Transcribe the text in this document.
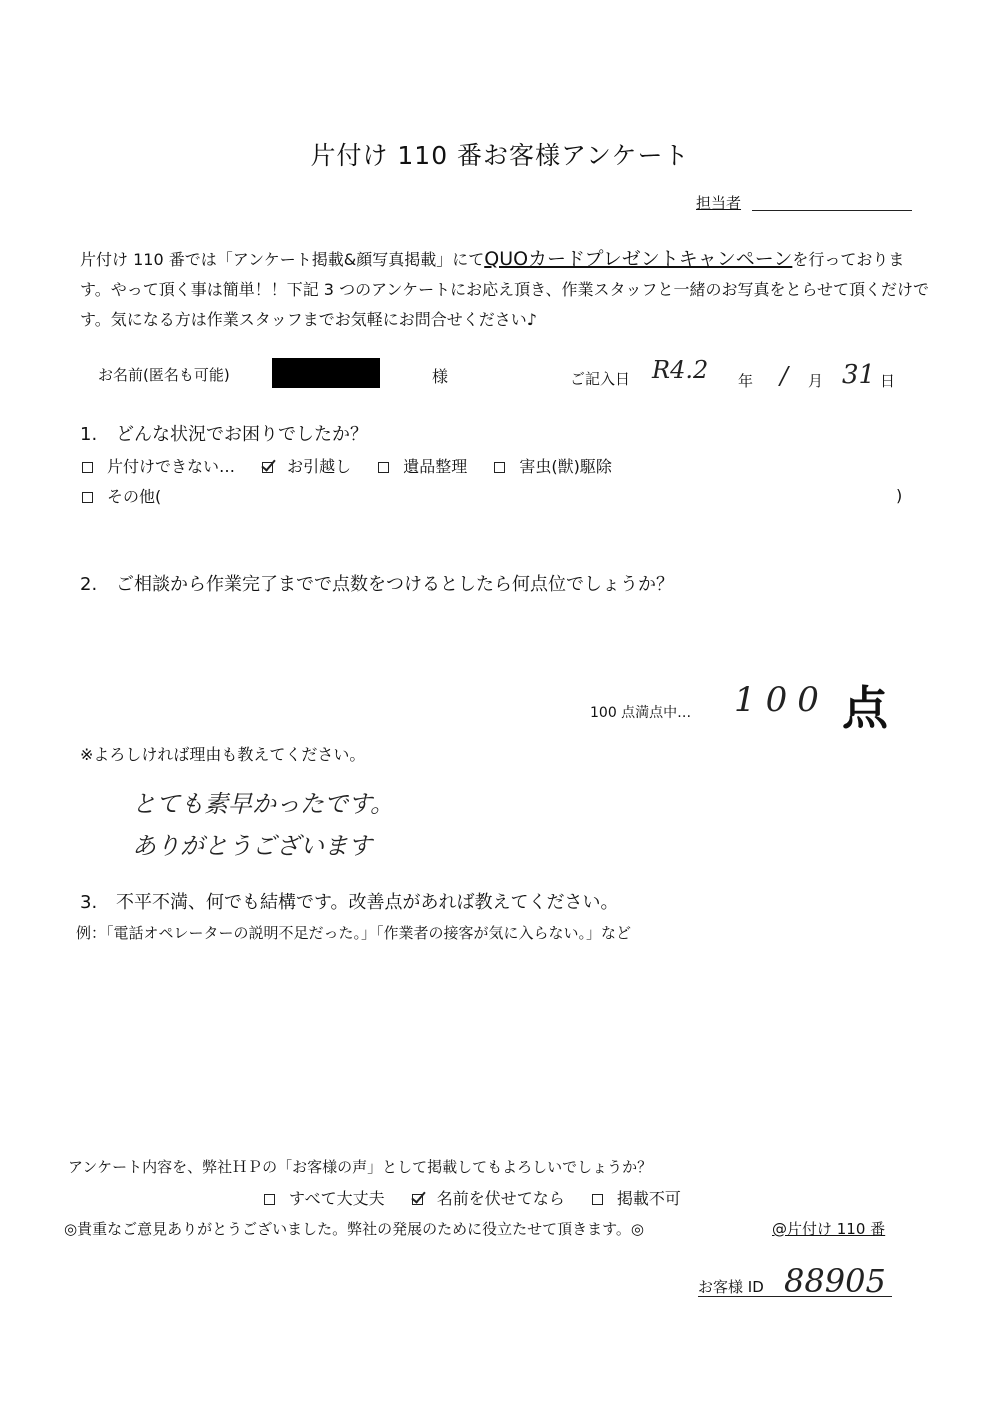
片付け 110 番お客様アンケート
担当者
片付け 110 番では「アンケート掲載&顔写真掲載」にてQUOカードプレゼントキャンペーンを行っております。やって頂く事は簡単！！下記 3 つのアンケートにお応え頂き、作業スタッフと一緒のお写真をとらせて頂くだけです。気になる方は作業スタッフまでお気軽にお問合せください♪
お名前(匿名も可能)	様	ご記入日 R4.2 年 / 月 31 日
1. どんな状況でお困りでしたか？
片付けできない…	お引越し	遺品整理	害虫(獣)駆除
その他(	)
2. ご相談から作業完了までで点数をつけるとしたら何点位でしょうか？
100 点満点中… 100 点
※よろしければ理由も教えてください。
とても素早かったです。
ありがとうございます
3. 不平不満、何でも結構です。改善点があれば教えてください。
例：「電話オペレーターの説明不足だった。」「作業者の接客が気に入らない。」など
アンケート内容を、弊社ＨＰの「お客様の声」として掲載してもよろしいでしょうか？
すべて大丈夫	名前を伏せてなら	掲載不可
◎貴重なご意見ありがとうございました。弊社の発展のために役立たせて頂きます。◎	@片付け 110 番
お客様 ID 88905
